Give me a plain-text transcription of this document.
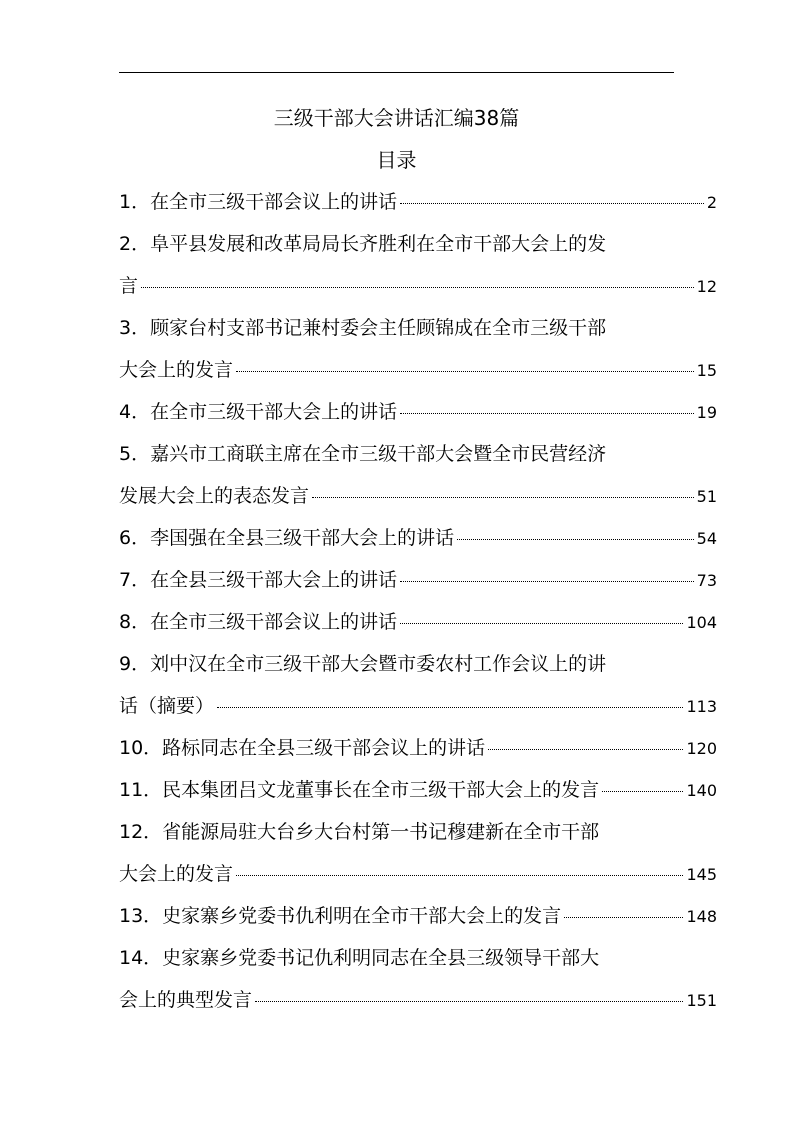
三级干部大会讲话汇编38篇
目录
1．在全市三级干部会议上的讲话	2
2．阜平县发展和改革局局长齐胜利在全市干部大会上的发
言	12
3．顾家台村支部书记兼村委会主任顾锦成在全市三级干部
大会上的发言	15
4．在全市三级干部大会上的讲话	19
5．嘉兴市工商联主席在全市三级干部大会暨全市民营经济
发展大会上的表态发言	51
6．李国强在全县三级干部大会上的讲话	54
7．在全县三级干部大会上的讲话	73
8．在全市三级干部会议上的讲话	104
9．刘中汉在全市三级干部大会暨市委农村工作会议上的讲
话（摘要）	113
10．路标同志在全县三级干部会议上的讲话	120
11．民本集团吕文龙董事长在全市三级干部大会上的发言	140
12．省能源局驻大台乡大台村第一书记穆建新在全市干部
大会上的发言	145
13．史家寨乡党委书仇利明在全市干部大会上的发言	148
14．史家寨乡党委书记仇利明同志在全县三级领导干部大
会上的典型发言	151
